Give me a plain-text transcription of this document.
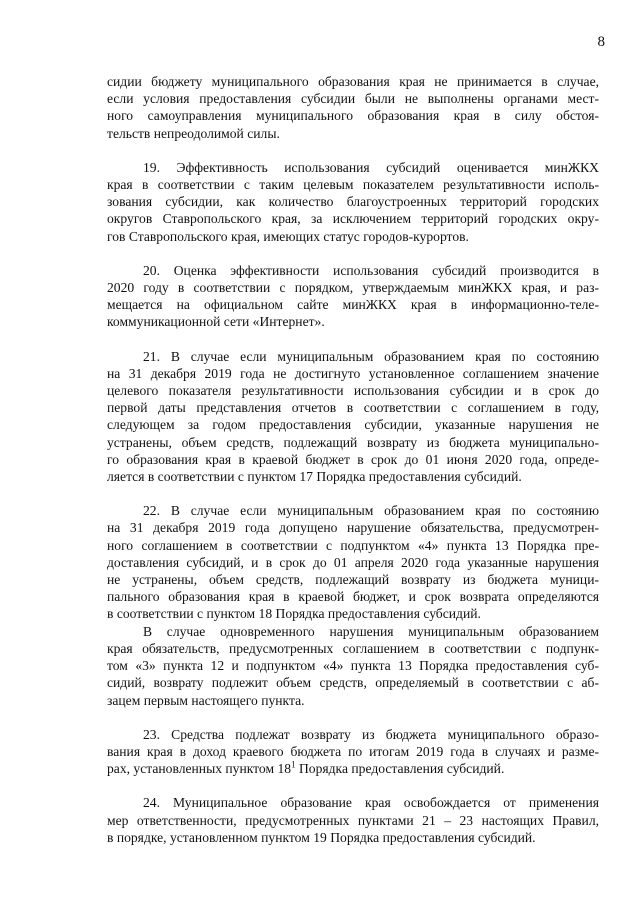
8

сидии бюджету муниципального образования края не принимается в случае,
если условия предоставления субсидии были не выполнены органами мест-
ного самоуправления муниципального образования края в силу обстоя-
тельств непреодолимой силы.

19. Эффективность использования субсидий оценивается минЖКХ
края в соответствии с таким целевым показателем результативности исполь-
зования субсидии, как количество благоустроенных территорий городских
округов Ставропольского края, за исключением территорий городских окру-
гов Ставропольского края, имеющих статус городов-курортов.

20. Оценка эффективности использования субсидий производится в
2020 году в соответствии с порядком, утверждаемым минЖКХ края, и раз-
мещается на официальном сайте минЖКХ края в информационно-теле-
коммуникационной сети «Интернет».

21. В случае если муниципальным образованием края по состоянию
на 31 декабря 2019 года не достигнуто установленное соглашением значение
целевого показателя результативности использования субсидии и в срок до
первой даты представления отчетов в соответствии с соглашением в году,
следующем за годом предоставления субсидии, указанные нарушения не
устранены, объем средств, подлежащий возврату из бюджета муниципально-
го образования края в краевой бюджет в срок до 01 июня 2020 года, опреде-
ляется в соответствии с пунктом 17 Порядка предоставления субсидий.

22. В случае если муниципальным образованием края по состоянию
на 31 декабря 2019 года допущено нарушение обязательства, предусмотрен-
ного соглашением в соответствии с подпунктом «4» пункта 13 Порядка пре-
доставления субсидий, и в срок до 01 апреля 2020 года указанные нарушения
не устранены, объем средств, подлежащий возврату из бюджета муници-
пального образования края в краевой бюджет, и срок возврата определяются
в соответствии с пунктом 18 Порядка предоставления субсидий.

В случае одновременного нарушения муниципальным образованием
края обязательств, предусмотренных соглашением в соответствии с подпунк-
том «3» пункта 12 и подпунктом «4» пункта 13 Порядка предоставления суб-
сидий, возврату подлежит объем средств, определяемый в соответствии с аб-
зацем первым настоящего пункта.

23. Средства подлежат возврату из бюджета муниципального образо-
вания края в доход краевого бюджета по итогам 2019 года в случаях и разме-
рах, установленных пунктом $18^1$ Порядка предоставления субсидий.

24. Муниципальное образование края освобождается от применения
мер ответственности, предусмотренных пунктами 21 – 23 настоящих Правил,
в порядке, установленном пунктом 19 Порядка предоставления субсидий.
